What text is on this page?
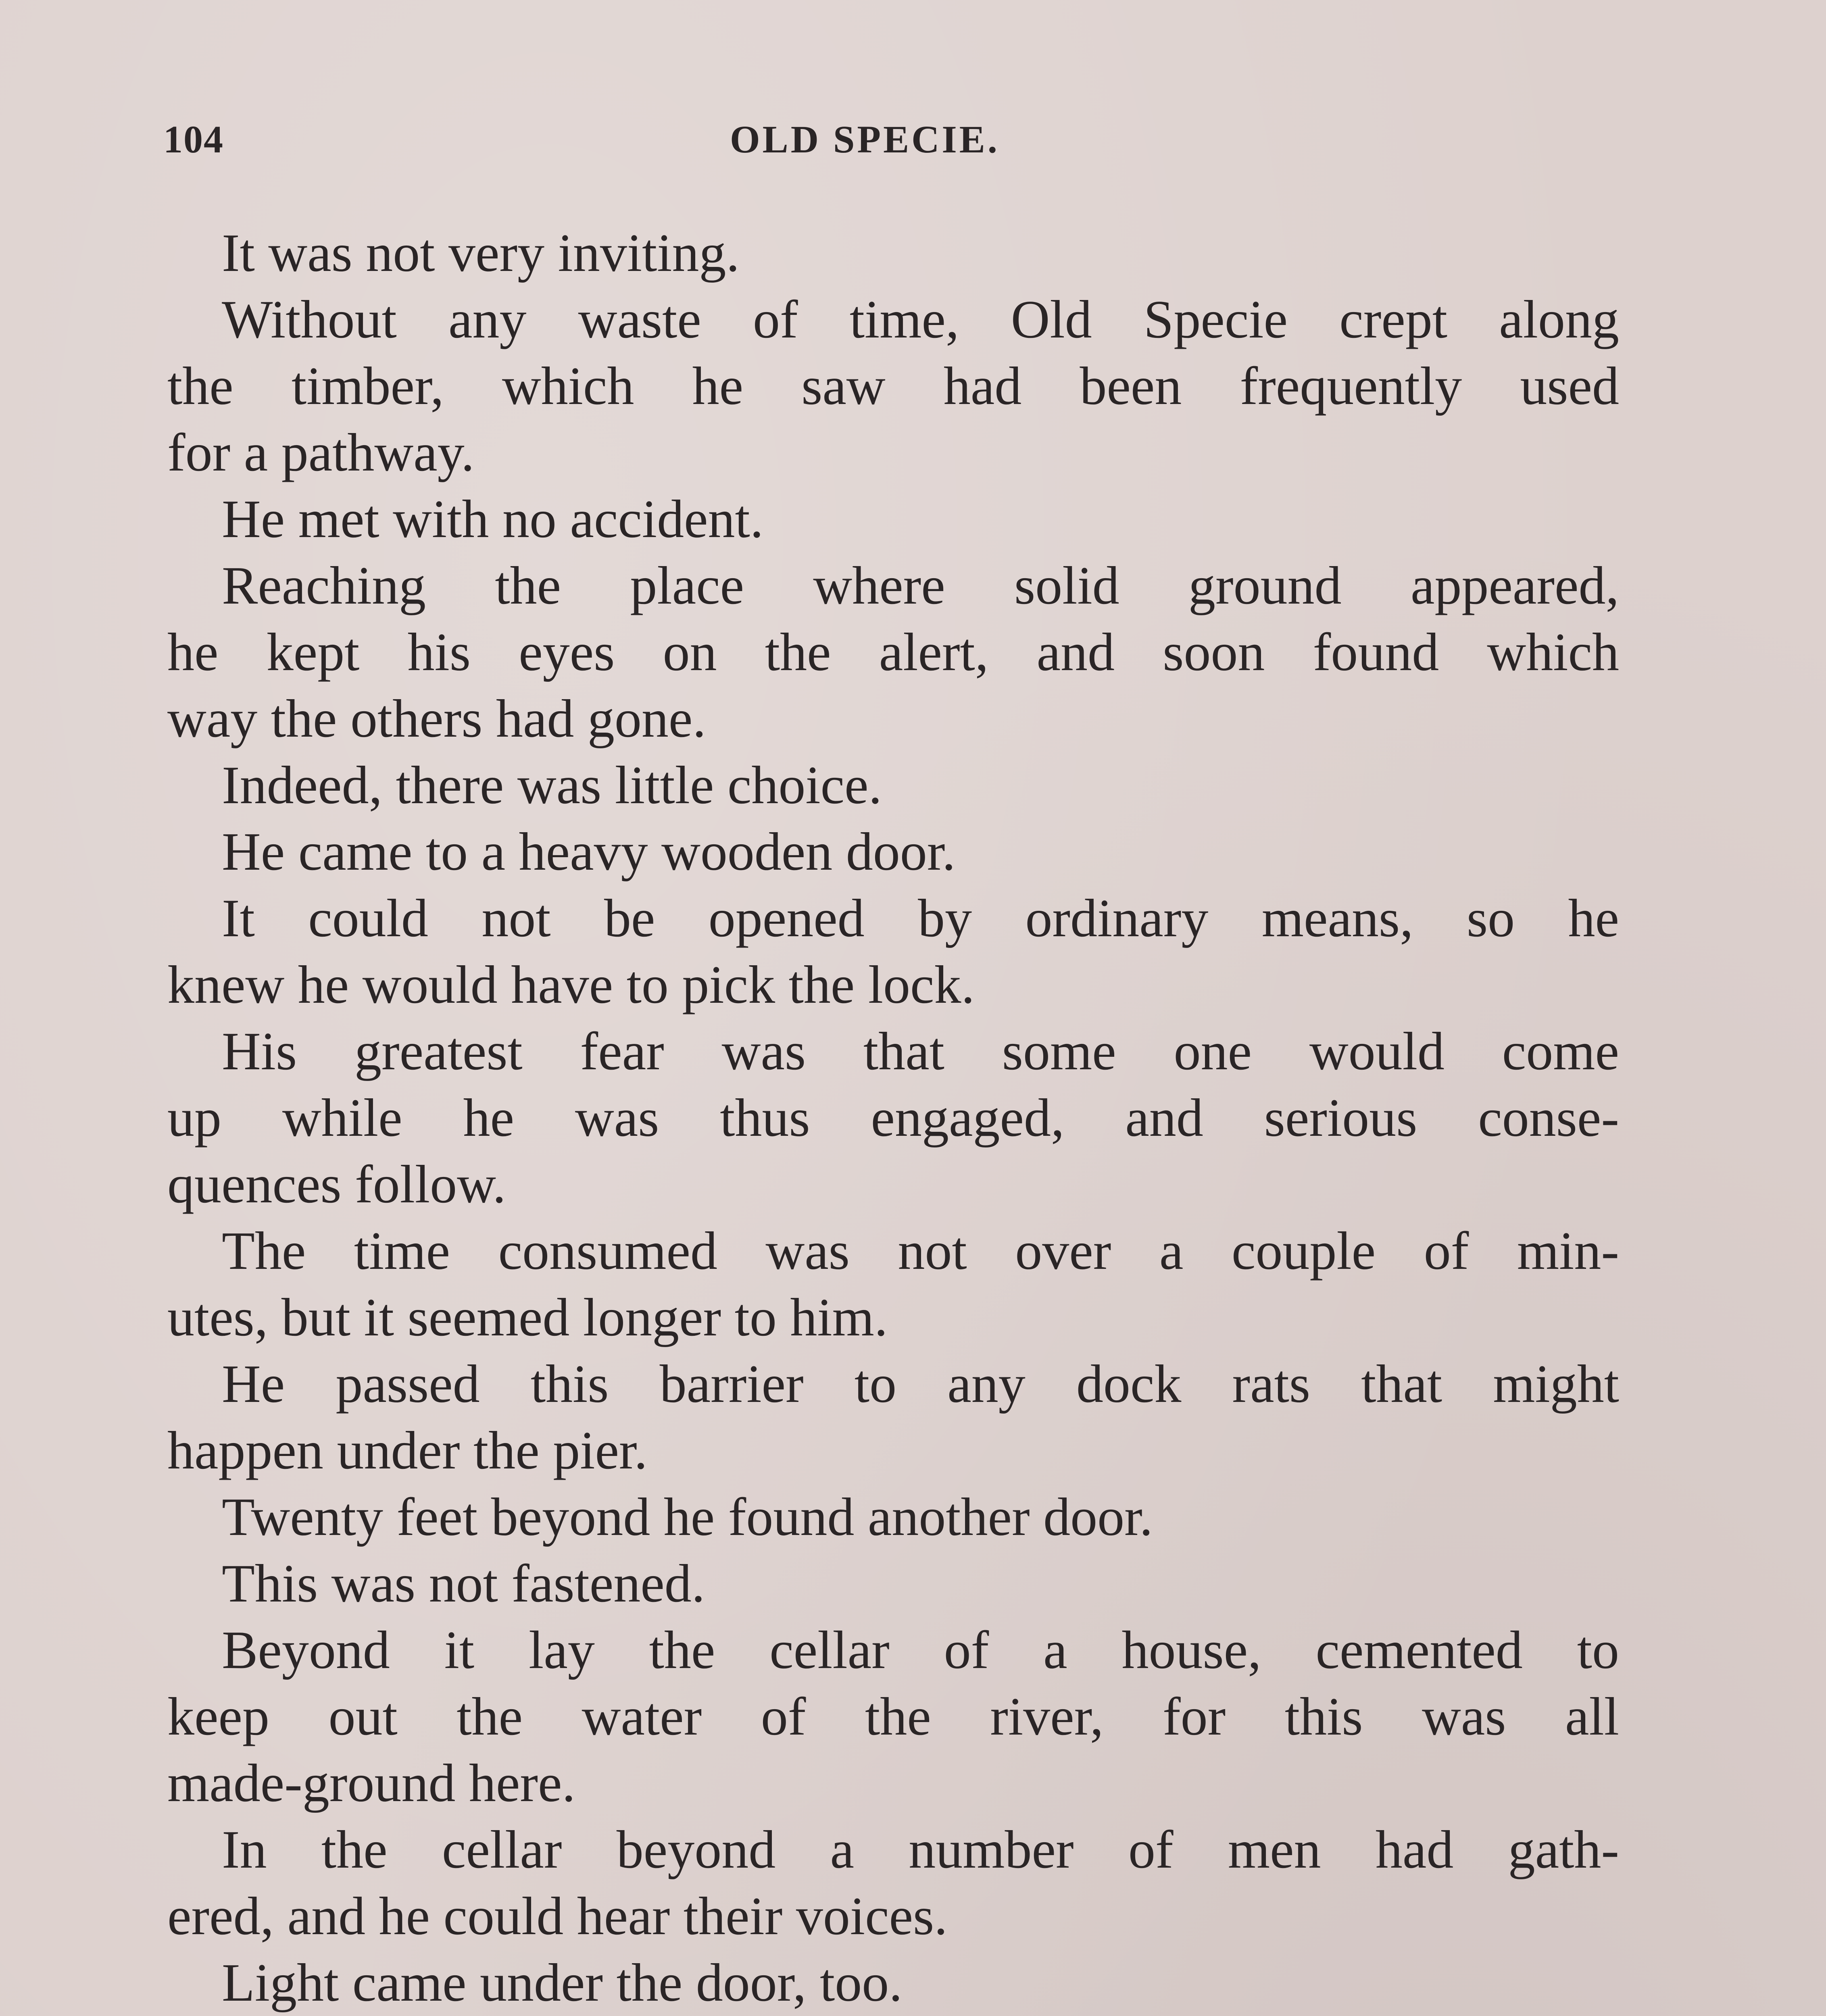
104	OLD SPECIE.
It was not very inviting.
Without any waste of time, Old Specie crept along
the timber, which he saw had been frequently used
for a pathway.
He met with no accident.
Reaching the place where solid ground appeared,
he kept his eyes on the alert, and soon found which
way the others had gone.
Indeed, there was little choice.
He came to a heavy wooden door.
It could not be opened by ordinary means, so he
knew he would have to pick the lock.
His greatest fear was that some one would come
up while he was thus engaged, and serious conse-
quences follow.
The time consumed was not over a couple of min-
utes, but it seemed longer to him.
He passed this barrier to any dock rats that might
happen under the pier.
Twenty feet beyond he found another door.
This was not fastened.
Beyond it lay the cellar of a house, cemented to
keep out the water of the river, for this was all
made-ground here.
In the cellar beyond a number of men had gath-
ered, and he could hear their voices.
Light came under the door, too.
